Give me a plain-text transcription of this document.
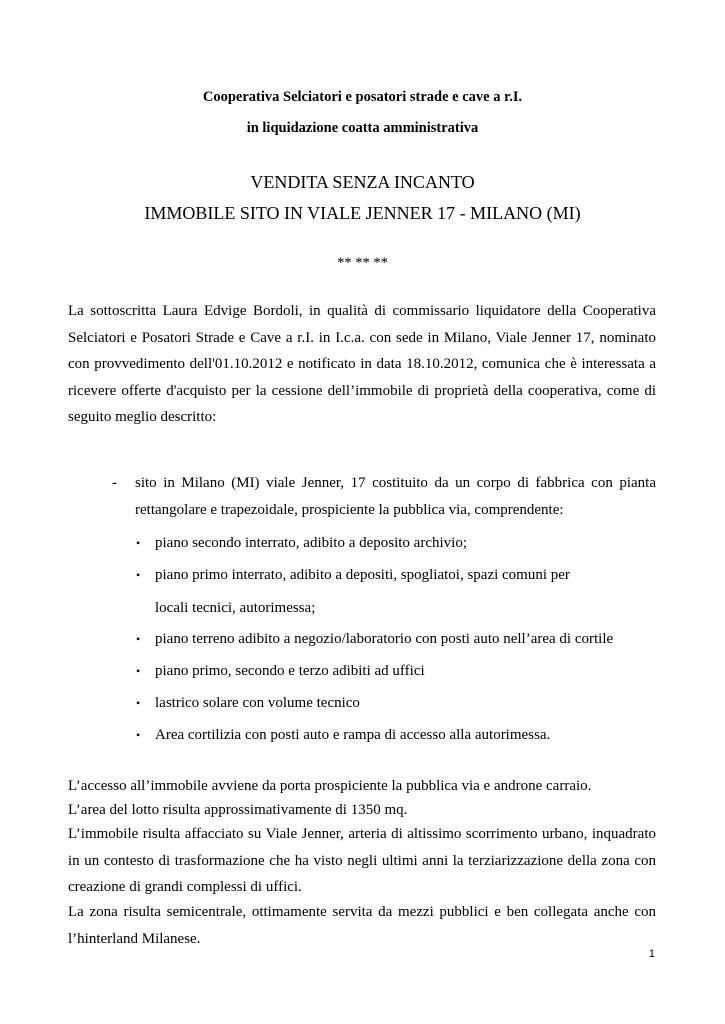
Cooperativa Selciatori e posatori strade e cave a r.I.
in liquidazione coatta amministrativa
VENDITA SENZA INCANTO
IMMOBILE SITO IN VIALE JENNER 17 - MILANO (MI)
** ** **

La sottoscritta Laura Edvige Bordoli, in qualità di commissario liquidatore della Cooperativa Selciatori e Posatori Strade e Cave a r.I. in I.c.a. con sede in Milano, Viale Jenner 17, nominato con provvedimento dell'01.10.2012 e notificato in data 18.10.2012, comunica che è interessata a ricevere offerte d'acquisto per la cessione dell’immobile di proprietà della cooperativa, come di seguito meglio descritto:

- sito in Milano (MI) viale Jenner, 17 costituito da un corpo di fabbrica con pianta rettangolare e trapezoidale, prospiciente la pubblica via, comprendente:
• piano secondo interrato, adibito a deposito archivio;
• piano primo interrato, adibito a depositi, spogliatoi, spazi comuni per locali tecnici, autorimessa;
• piano terreno adibito a negozio/laboratorio con posti auto nell’area di cortile
• piano primo, secondo e terzo adibiti ad uffici
• lastrico solare con volume tecnico
• Area cortilizia con posti auto e rampa di accesso alla autorimessa.

L’accesso all’immobile avviene da porta prospiciente la pubblica via e androne carraio.

L’area del lotto risulta approssimativamente di 1350 mq.

L’immobile risulta affacciato su Viale Jenner, arteria di altissimo scorrimento urbano, inquadrato in un contesto di trasformazione che ha visto negli ultimi anni la terziarizzazione della zona con creazione di grandi complessi di uffici.

La zona risulta semicentrale, ottimamente servita da mezzi pubblici e ben collegata anche con l’hinterland Milanese.

1
